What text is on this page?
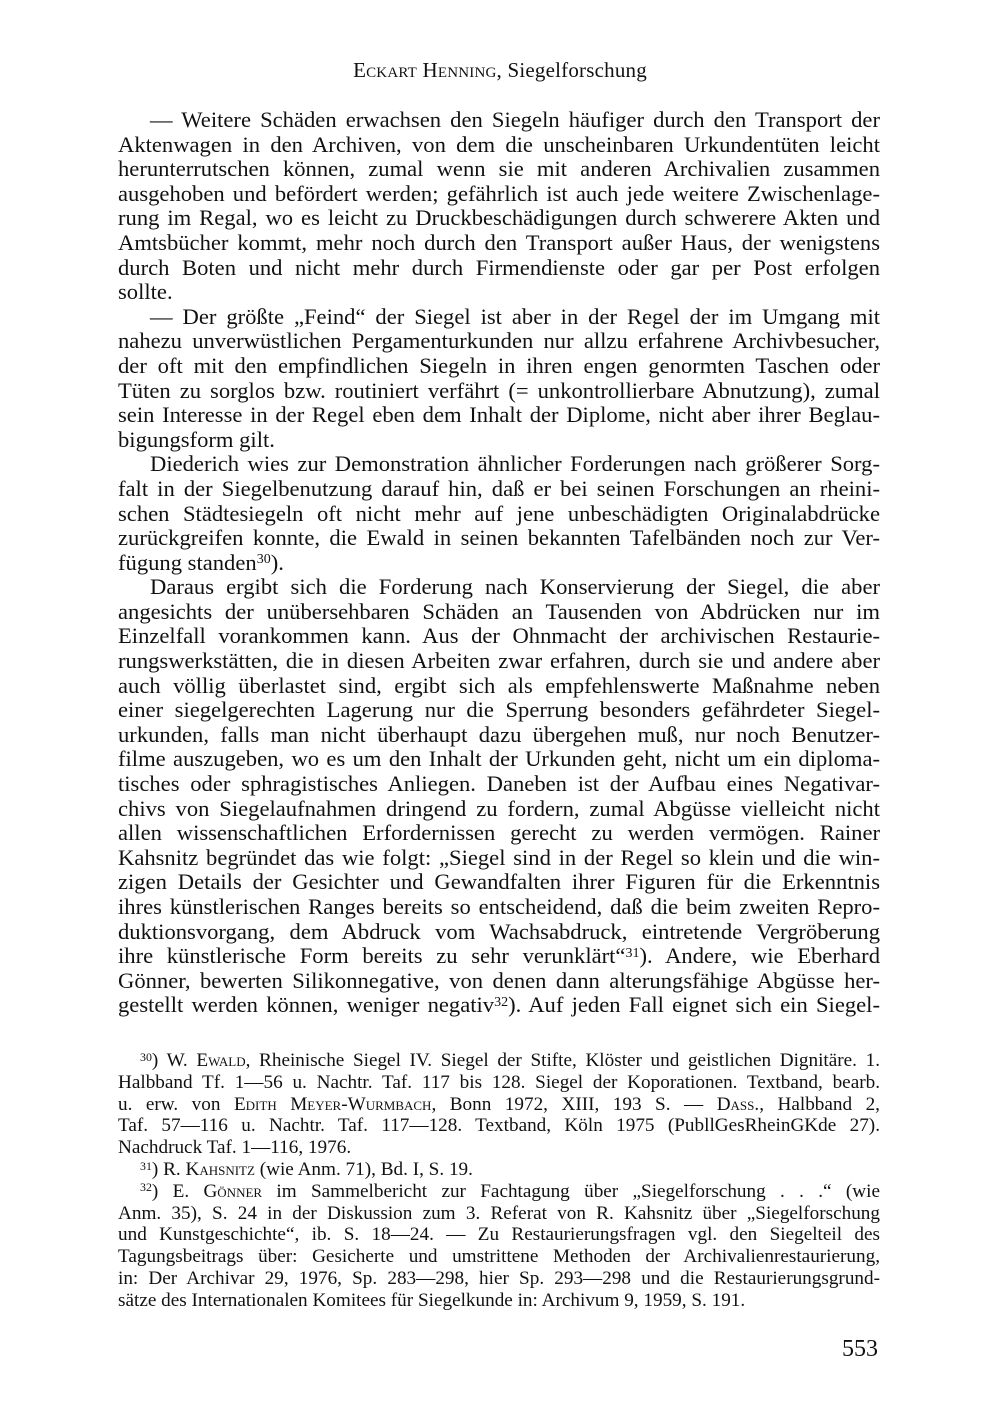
Eckart Henning, Siegelforschung
— Weitere Schäden erwachsen den Siegeln häufiger durch den Transport der
Aktenwagen in den Archiven, von dem die unscheinbaren Urkundentüten leicht
herunterrutschen können, zumal wenn sie mit anderen Archivalien zusammen
ausgehoben und befördert werden; gefährlich ist auch jede weitere Zwischenlage-
rung im Regal, wo es leicht zu Druckbeschädigungen durch schwerere Akten und
Amtsbücher kommt, mehr noch durch den Transport außer Haus, der wenigstens
durch Boten und nicht mehr durch Firmendienste oder gar per Post erfolgen
sollte.
— Der größte „Feind“ der Siegel ist aber in der Regel der im Umgang mit
nahezu unverwüstlichen Pergamenturkunden nur allzu erfahrene Archivbesucher,
der oft mit den empfindlichen Siegeln in ihren engen genormten Taschen oder
Tüten zu sorglos bzw. routiniert verfährt (= unkontrollierbare Abnutzung), zumal
sein Interesse in der Regel eben dem Inhalt der Diplome, nicht aber ihrer Beglau-
bigungsform gilt.
Diederich wies zur Demonstration ähnlicher Forderungen nach größerer Sorg-
falt in der Siegelbenutzung darauf hin, daß er bei seinen Forschungen an rheini-
schen Städtesiegeln oft nicht mehr auf jene unbeschädigten Originalabdrücke
zurückgreifen konnte, die Ewald in seinen bekannten Tafelbänden noch zur Ver-
fügung standen$^{30}$).
Daraus ergibt sich die Forderung nach Konservierung der Siegel, die aber
angesichts der unübersehbaren Schäden an Tausenden von Abdrücken nur im
Einzelfall vorankommen kann. Aus der Ohnmacht der archivischen Restaurie-
rungswerkstätten, die in diesen Arbeiten zwar erfahren, durch sie und andere aber
auch völlig überlastet sind, ergibt sich als empfehlenswerte Maßnahme neben
einer siegelgerechten Lagerung nur die Sperrung besonders gefährdeter Siegel-
urkunden, falls man nicht überhaupt dazu übergehen muß, nur noch Benutzer-
filme auszugeben, wo es um den Inhalt der Urkunden geht, nicht um ein diploma-
tisches oder sphragistisches Anliegen. Daneben ist der Aufbau eines Negativar-
chivs von Siegelaufnahmen dringend zu fordern, zumal Abgüsse vielleicht nicht
allen wissenschaftlichen Erfordernissen gerecht zu werden vermögen. Rainer
Kahsnitz begründet das wie folgt: „Siegel sind in der Regel so klein und die win-
zigen Details der Gesichter und Gewandfalten ihrer Figuren für die Erkenntnis
ihres künstlerischen Ranges bereits so entscheidend, daß die beim zweiten Repro-
duktionsvorgang, dem Abdruck vom Wachsabdruck, eintretende Vergröberung
ihre künstlerische Form bereits zu sehr verunklärt“$^{31}$). Andere, wie Eberhard
Gönner, bewerten Silikonnegative, von denen dann alterungsfähige Abgüsse her-
gestellt werden können, weniger negativ$^{32}$). Auf jeden Fall eignet sich ein Siegel-
$^{30}$) W. Ewald, Rheinische Siegel IV. Siegel der Stifte, Klöster und geistlichen Dignitäre. 1.
Halbband Tf. 1—56 u. Nachtr. Taf. 117 bis 128. Siegel der Koporationen. Textband, bearb.
u. erw. von Edith Meyer-Wurmbach, Bonn 1972, XIII, 193 S. — Dass., Halbband 2,
Taf. 57—116 u. Nachtr. Taf. 117—128. Textband, Köln 1975 (PubllGesRheinGKde 27).
Nachdruck Taf. 1—116, 1976.
$^{31}$) R. Kahsnitz (wie Anm. 71), Bd. I, S. 19.
$^{32}$) E. Gönner im Sammelbericht zur Fachtagung über „Siegelforschung . . .“ (wie
Anm. 35), S. 24 in der Diskussion zum 3. Referat von R. Kahsnitz über „Siegelforschung
und Kunstgeschichte“, ib. S. 18—24. — Zu Restaurierungsfragen vgl. den Siegelteil des
Tagungsbeitrags über: Gesicherte und umstrittene Methoden der Archivalienrestaurierung,
in: Der Archivar 29, 1976, Sp. 283—298, hier Sp. 293—298 und die Restaurierungsgrund-
sätze des Internationalen Komitees für Siegelkunde in: Archivum 9, 1959, S. 191.
553
